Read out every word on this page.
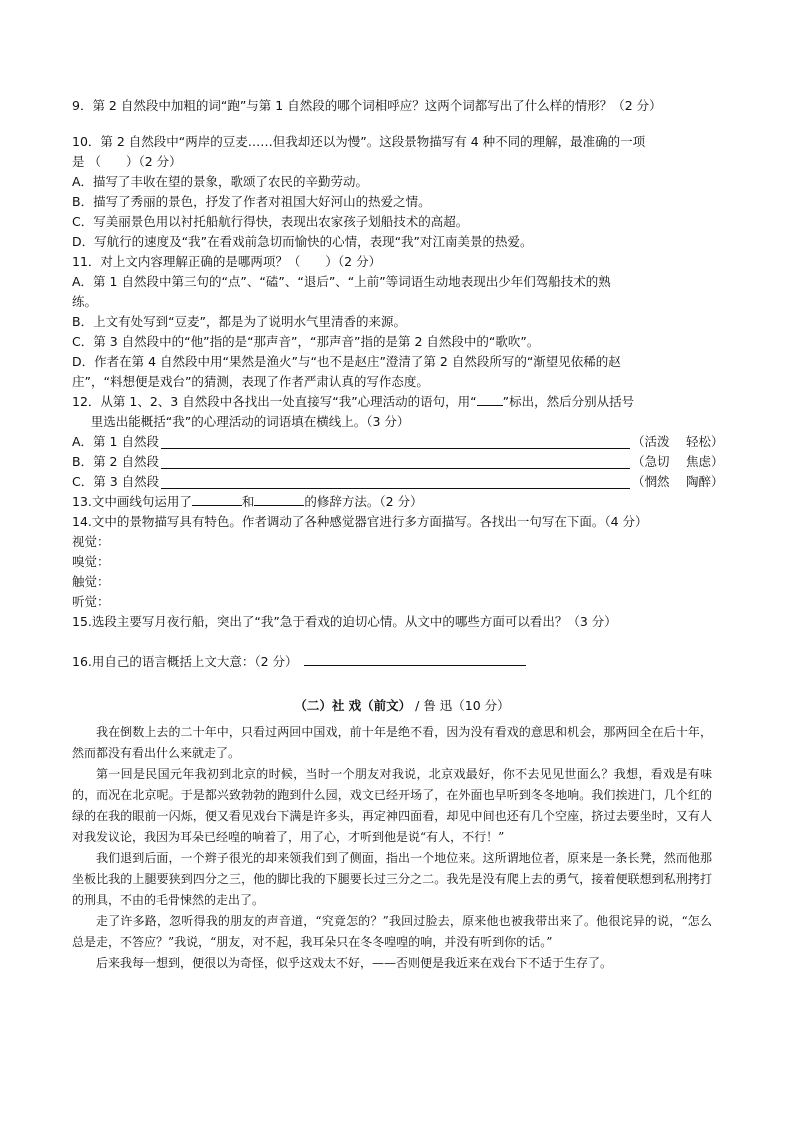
9．第 2 自然段中加粗的词“跑”与第 1 自然段的哪个词相呼应？这两个词都写出了什么样的情形？（2 分）
10．第 2 自然段中“两岸的豆麦……但我却还以为慢”。这段景物描写有 4 种不同的理解，最准确的一项
是 （　　）（2 分）
A．描写了丰收在望的景象，歌颂了农民的辛勤劳动。
B．描写了秀丽的景色，抒发了作者对祖国大好河山的热爱之情。
C．写美丽景色用以衬托船航行得快，表现出农家孩子划船技术的高超。
D．写航行的速度及“我”在看戏前急切而愉快的心情，表现“我”对江南美景的热爱。
11．对上文内容理解正确的是哪两项？（　　）（2 分）
A．第 1 自然段中第三句的“点”、“磕”、“退后”、“上前”等词语生动地表现出少年们驾船技术的熟
练。
B．上文有处写到“豆麦”，都是为了说明水气里清香的来源。
C．第 3 自然段中的“他”指的是“那声音”，“那声音”指的是第 2 自然段中的“歌吹”。
D．作者在第 4 自然段中用“果然是渔火”与“也不是赵庄”澄清了第 2 自然段所写的“渐望见依稀的赵
庄”，“料想便是戏台”的猜测，表现了作者严肃认真的写作态度。
12．从第 1、2、3 自然段中各找出一处直接写“我”心理活动的语句，用“ ”标出，然后分别从括号
里选出能概括“我”的心理活动的词语填在横线上。（3 分）
A．第 1 自然段	（活泼　 轻松）
B．第 2 自然段	（急切　 焦虑）
C．第 3 自然段	（惘然　 陶醉）
13.文中画线句运用了	和	的修辞方法。（2 分）
14.文中的景物描写具有特色。作者调动了各种感觉器官进行多方面描写。各找出一句写在下面。（4 分）
视觉：
嗅觉：
触觉：
听觉：
15.选段主要写月夜行船，突出了“我”急于看戏的迫切心情。从文中的哪些方面可以看出？（3 分）
16.用自己的语言概括上文大意：（2 分）
（二）社 戏（前文） / 鲁 迅（10 分）
我在倒数上去的二十年中，只看过两回中国戏，前十年是绝不看，因为没有看戏的意思和机会，那两回全在后十年，然而都没有看出什么来就走了。
第一回是民国元年我初到北京的时候，当时一个朋友对我说，北京戏最好，你不去见见世面么？我想，看戏是有味的，而况在北京呢。于是都兴致勃勃的跑到什么园，戏文已经开场了，在外面也早听到冬冬地响。我们挨进门，几个红的绿的在我的眼前一闪烁，便又看见戏台下满是许多头，再定神四面看，却见中间也还有几个空座，挤过去要坐时，又有人对我发议论，我因为耳朵已经喤的响着了，用了心，才听到他是说“有人，不行！”
我们退到后面，一个辫子很光的却来领我们到了侧面，指出一个地位来。这所谓地位者，原来是一条长凳，然而他那坐板比我的上腿要狭到四分之三，他的脚比我的下腿要长过三分之二。我先是没有爬上去的勇气，接着便联想到私刑拷打的刑具，不由的毛骨悚然的走出了。
走了许多路，忽听得我的朋友的声音道，“究竟怎的？”我回过脸去，原来他也被我带出来了。他很诧异的说，“怎么总是走，不答应？”我说，“朋友，对不起，我耳朵只在冬冬喤喤的响，并没有听到你的话。”
后来我每一想到，便很以为奇怪，似乎这戏太不好，——否则便是我近来在戏台下不适于生存了。
